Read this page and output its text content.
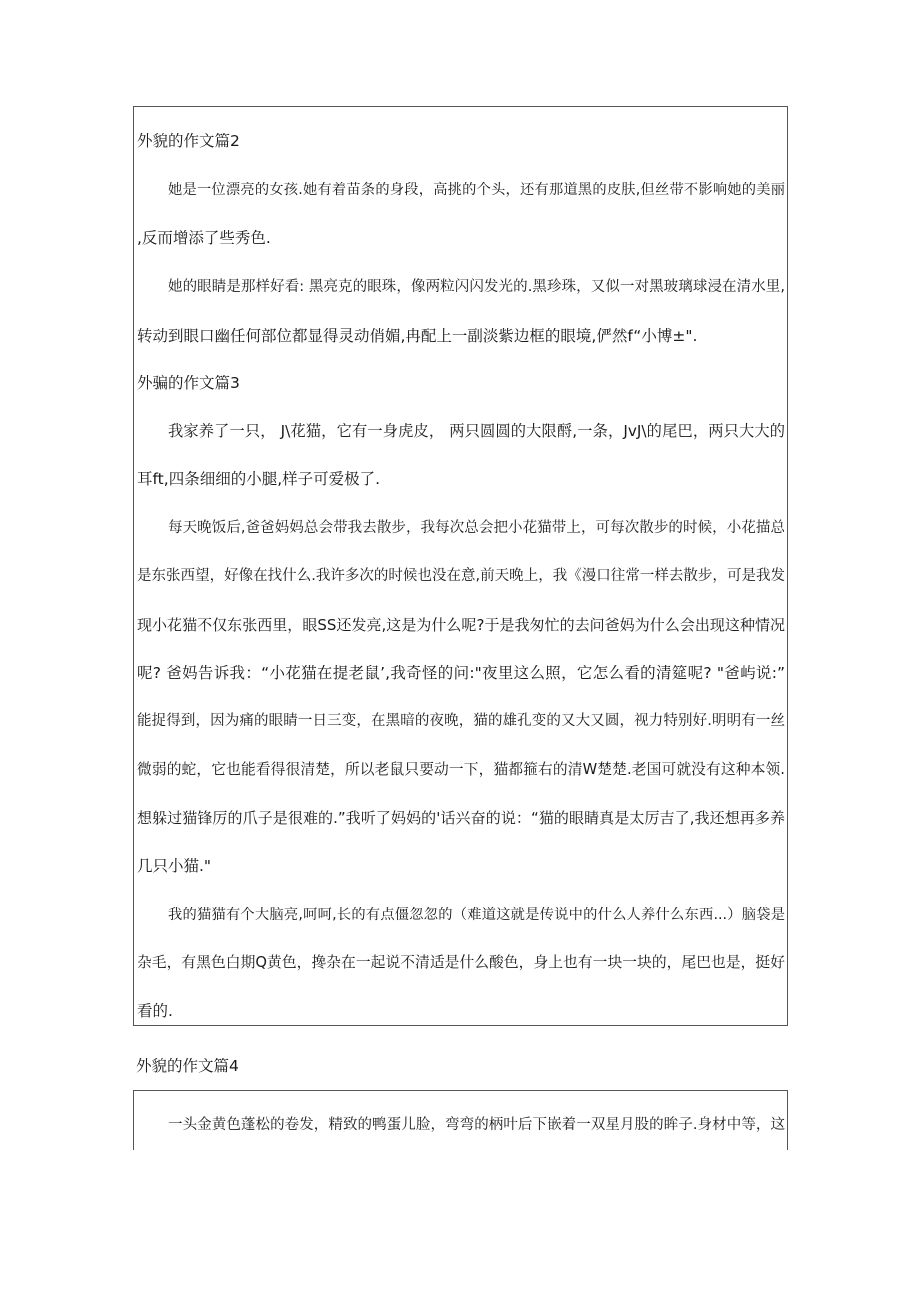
外貌的作文篇2
她是一位漂亮的女孩.她有着苗条的身段，高挑的个头，还有那道黑的皮肤,但丝带不影响她的美丽
,反而增添了些秀色.
她的眼睛是那样好看: 黑亮克的眼珠，像两粒闪闪发光的.黑珍珠，又似一对黑玻璃球浸在清水里,
转动到眼口幽任何部位都显得灵动俏媚,冉配上一副淡紫边框的眼境,俨然f“小博±".
外骗的作文篇3
我家养了一只， J\花猫，它有一身虎皮， 两只圆圆的大限酹,一条，JvJ\的尾巴，两只大大的
耳ft,四条细细的小腿,样子可爱极了.
每天晚饭后,爸爸妈妈总会带我去散步，我每次总会把小花猫带上，可每次散步的时候，小花描总
是东张西望，好像在找什么.我许多次的时候也没在意,前天晚上，我《漫口往常一样去散步，可是我发
现小花猫不仅东张西里，眼SS还发亮,这是为什么呢?于是我匆忙的去问爸妈为什么会出现这种情况
呢? 爸妈告诉我：“小花猫在提老鼠’,我奇怪的问:"夜里这么照，它怎么看的清筵呢? "爸屿说:”
能捉得到，因为痛的眼睛一日三变，在黑暗的夜晚，猫的雄孔变的又大又圆，视力特别好.明明有一丝
微弱的蛇，它也能看得很清楚，所以老鼠只要动一下，猫都箍右的清W楚楚.老国可就没有这种本领.
想躲过猫锋厉的爪子是很难的.”我听了妈妈的'话兴奋的说：“猫的眼睛真是太厉吉了,我还想再多养
几只小猫."
我的猫猫有个大脑亮,呵呵,长的有点僵忽忽的（难道这就是传说中的什么人养什么东西...）脑袋是
杂毛，有黑色白期Q黄色，搀杂在一起说不清适是什么酸色，身上也有一块一块的，尾巴也是，挺好
看的.
外貌的作文篇4
一头金黄色蓬松的卷发，精致的鸭蛋儿脸，弯弯的柄叶后下嵌着一双星月股的眸子.身材中等，这
